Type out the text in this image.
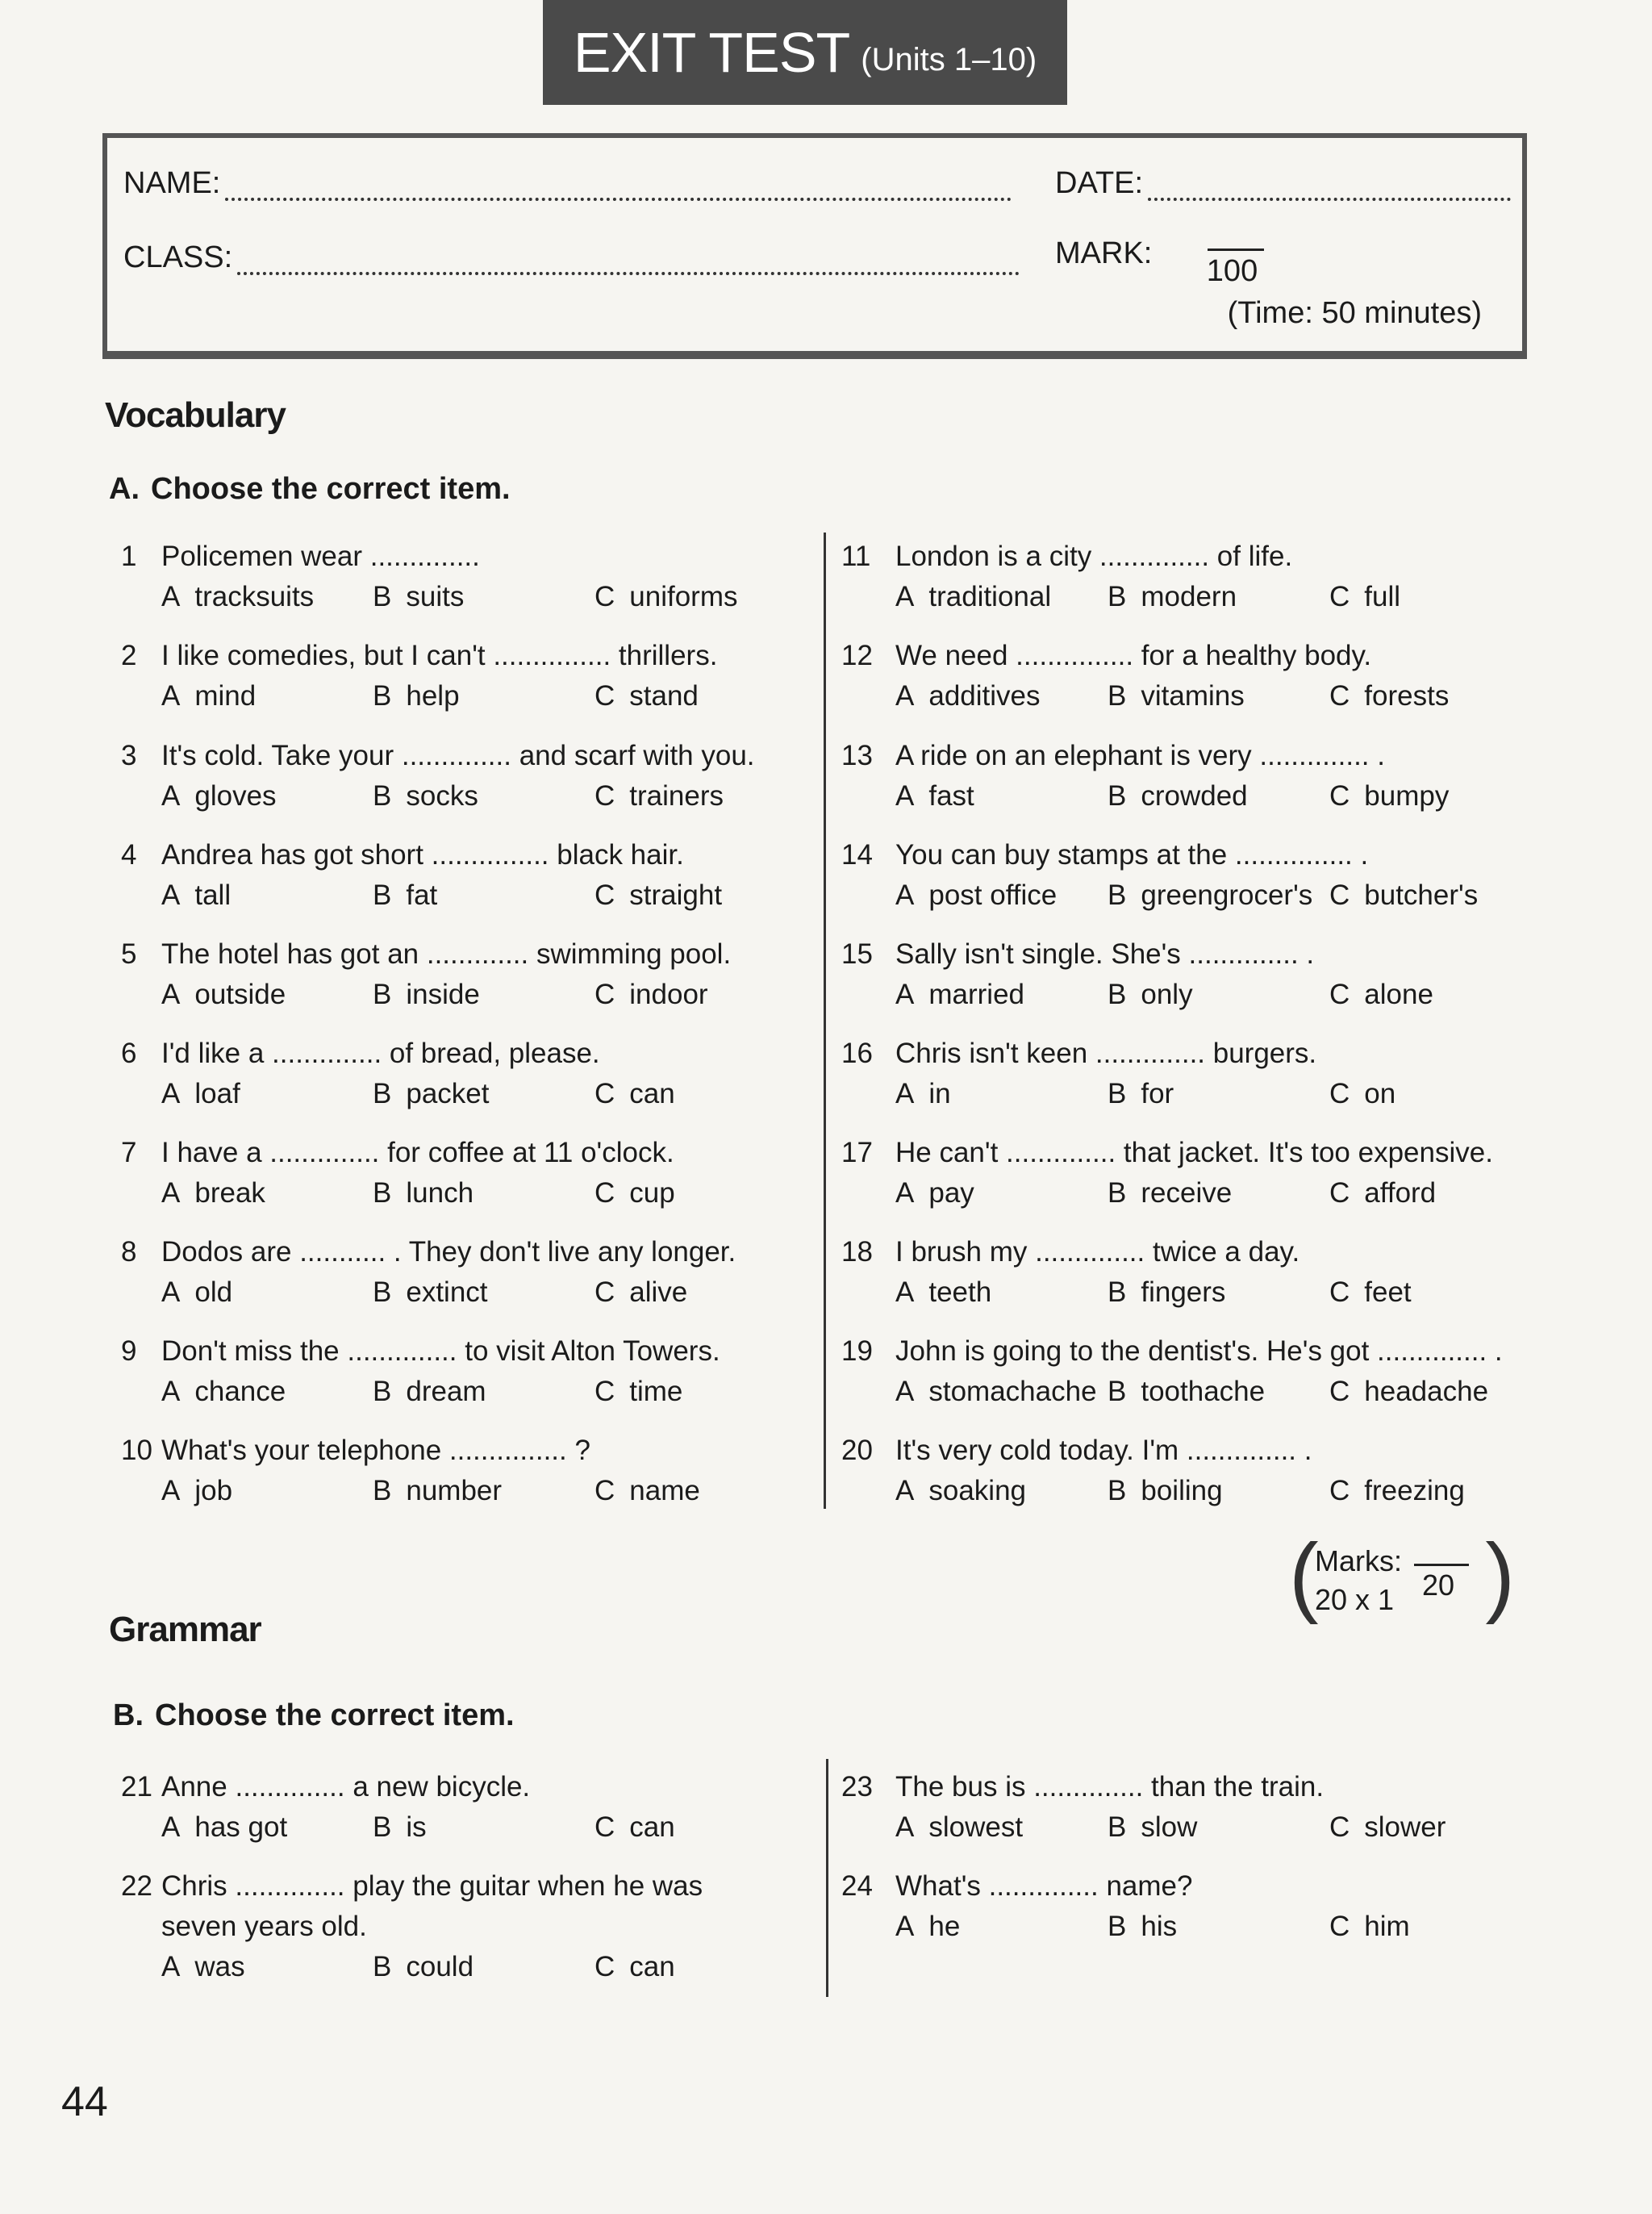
EXIT TEST (Units 1–10)
NAME:	DATE:
CLASS:	MARK:
100
(Time: 50 minutes)
Vocabulary
A. Choose the correct item.
1 Policemen wear ..............
A tracksuits B suits	C uniforms
2 I like comedies, but I can't ............... thrillers.
A mind	B help	C stand
3 It's cold. Take your .............. and scarf with you.
A gloves	B socks	C trainers
4 Andrea has got short ............... black hair.
A tall	B fat	C straight
5 The hotel has got an ............. swimming pool.
A outside	B inside	C indoor
6 I'd like a .............. of bread, please.
A loaf	B packet	C can
7 I have a .............. for coffee at 11 o'clock.
A break	B lunch	C cup
8 Dodos are ........... . They don't live any longer.
A old	B extinct	C alive
9 Don't miss the .............. to visit Alton Towers.
A chance	B dream	C time
10 What's your telephone ............... ?
A job	B number	C name
11 London is a city .............. of life.
A traditional B modern	C full
12 We need ............... for a healthy body.
A additives B vitamins	C forests
13 A ride on an elephant is very .............. .
A fast	B crowded	C bumpy
14 You can buy stamps at the ............... .
A post office B greengrocer's C butcher's
15 Sally isn't single. She's .............. .
A married	B only	C alone
16 Chris isn't keen .............. burgers.
A in	B for	C on
17 He can't .............. that jacket. It's too expensive.
A pay	B receive	C afford
18 I brush my .............. twice a day.
A teeth	B fingers	C feet
19 John is going to the dentist's. He's got .............. .
A stomachache B toothache C headache
20 It's very cold today. I'm .............. .
A soaking	B boiling	C freezing
(
Marks:
20 x 1 20 )
Grammar
B. Choose the correct item.
21 Anne .............. a new bicycle.
A has got	B is	C can
22 Chris .............. play the guitar when he was
seven years old.
A was	B could	C can
23 The bus is .............. than the train.
A slowest	B slow	C slower
24 What's .............. name?
A he	B his	C him
44
